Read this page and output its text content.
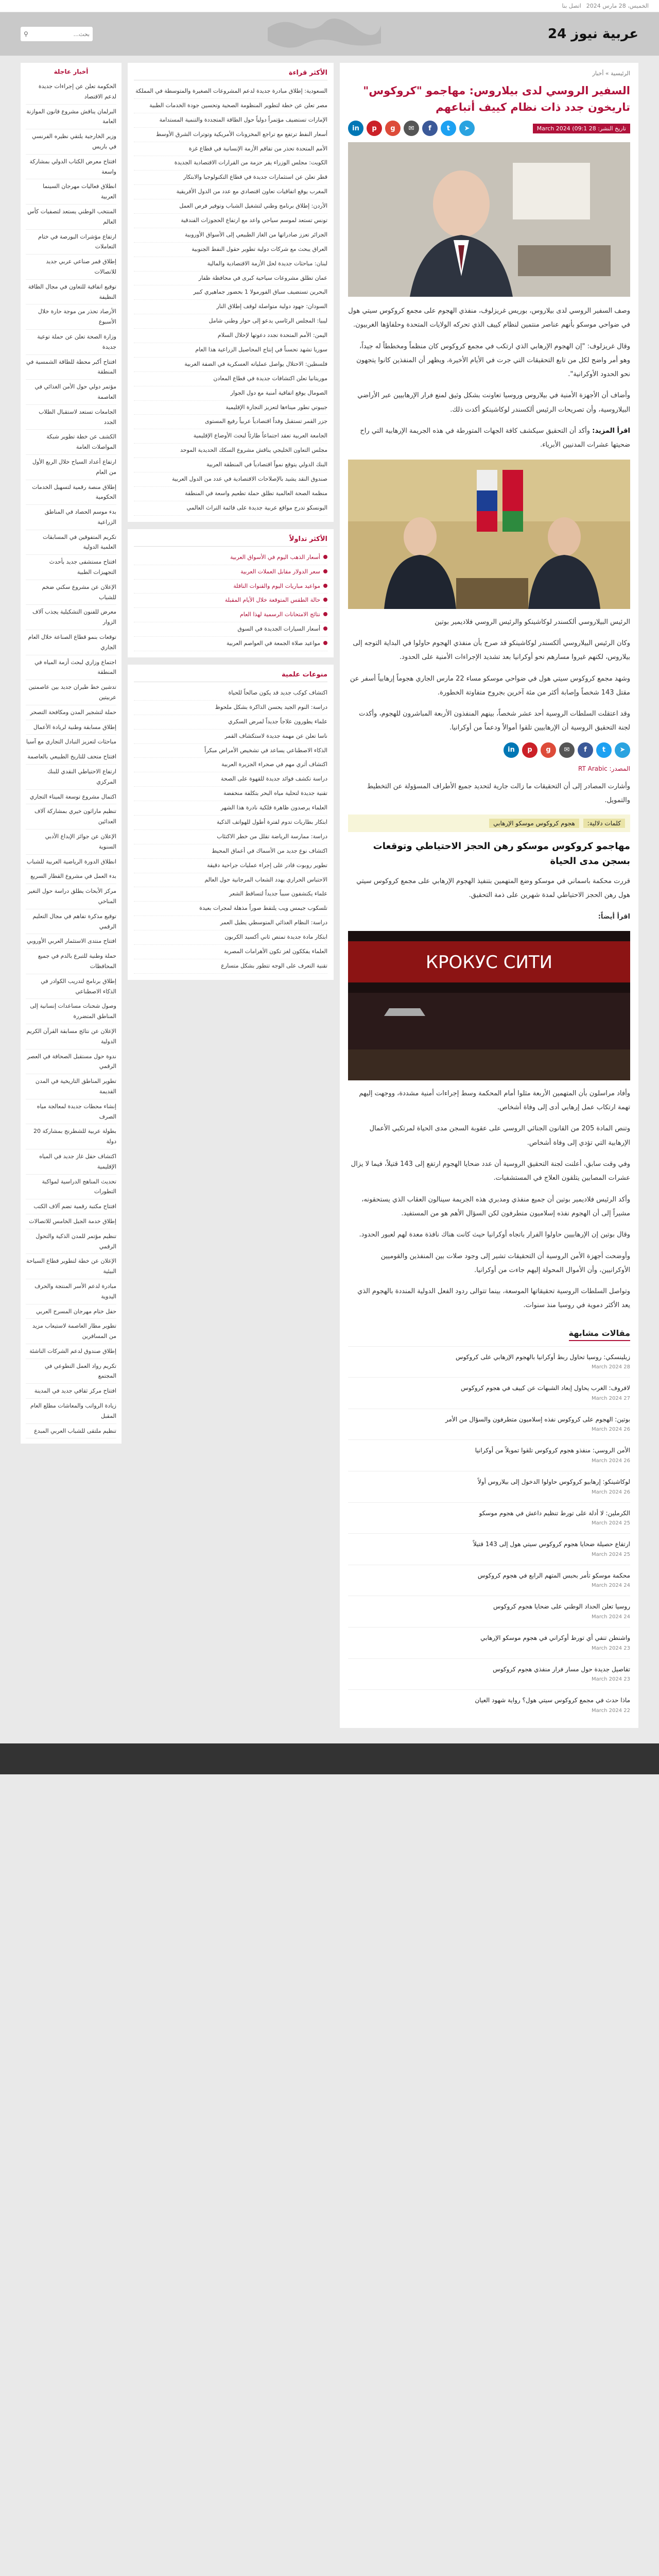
الخميس، 28 مارس 2024
اتصل بنا
عربية نيوز 24
بحث...
⚲
الرئيسية » أخبار
السفير الروسي لدى بيلاروس: مهاجمو "كروكوس" تاريخون جدد ذات نظام كييف أتباعهم
تاريخ النشر: 28 March 2024 (09:1
➤
t
f
✉
g
p
in

وصف السفير الروسي لدى بيلاروس، بوريس غريزلوف، منفذي الهجوم على مجمع كروكوس سيتي هول في ضواحي موسكو بأنهم عناصر منتمين لنظام كييف الذي تحركه الولايات المتحدة وحلفاؤها الغربيون.

وقال غريزلوف: "إن الهجوم الإرهابي الذي ارتكب في مجمع كروكوس كان منظماً ومخططاً له جيداً، وهو أمر واضح لكل من تابع التحقيقات التي جرت في الأيام الأخيرة، ويظهر أن المنفذين كانوا يتجهون نحو الحدود الأوكرانية".

وأضاف أن الأجهزة الأمنية في بيلاروس وروسيا تعاونت بشكل وثيق لمنع فرار الإرهابيين عبر الأراضي البيلاروسية، وأن تصريحات الرئيس ألكسندر لوكاشينكو أكدت ذلك.

اقرأ المزيد: وأكد أن التحقيق سيكشف كافة الجهات المتورطة في هذه الجريمة الإرهابية التي راح ضحيتها عشرات المدنيين الأبرياء.

الرئيس البيلاروسي ألكسندر لوكاشينكو والرئيس الروسي فلاديمير بوتين

وكان الرئيس البيلاروسي ألكسندر لوكاشينكو قد صرح بأن منفذي الهجوم حاولوا في البداية التوجه إلى بيلاروس، لكنهم غيروا مسارهم نحو أوكرانيا بعد تشديد الإجراءات الأمنية على الحدود.

وشهد مجمع كروكوس سيتي هول في ضواحي موسكو مساء 22 مارس الجاري هجوماً إرهابياً أسفر عن مقتل 143 شخصاً وإصابة أكثر من مئة آخرين بجروح متفاوتة الخطورة.

وقد اعتقلت السلطات الروسية أحد عشر شخصاً، بينهم المنفذون الأربعة المباشرون للهجوم، وأكدت لجنة التحقيق الروسية أن الإرهابيين تلقوا أموالاً ودعماً من أوكرانيا.

➤
t
f
✉
g
p
in
المصدر: RT Arabic

وأشارت المصادر إلى أن التحقيقات ما زالت جارية لتحديد جميع الأطراف المسؤولة عن التخطيط والتمويل.

كلمات دلالية: هجوم كروكوس موسكو الإرهابي
مهاجمو كروكوس موسكو رهن الحجز الاحتياطي وتوقعات بسجن مدى الحياة

قررت محكمة باسماني في موسكو وضع المتهمين بتنفيذ الهجوم الإرهابي على مجمع كروكوس سيتي هول رهن الحجز الاحتياطي لمدة شهرين على ذمة التحقيق.

اقرأ أيضاً:

КРОКУС СИТИ

وأفاد مراسلون بأن المتهمين الأربعة مثلوا أمام المحكمة وسط إجراءات أمنية مشددة، ووجهت إليهم تهمة ارتكاب عمل إرهابي أدى إلى وفاة أشخاص.

وتنص المادة 205 من القانون الجنائي الروسي على عقوبة السجن مدى الحياة لمرتكبي الأعمال الإرهابية التي تؤدي إلى وفاة أشخاص.

وفي وقت سابق، أعلنت لجنة التحقيق الروسية أن عدد ضحايا الهجوم ارتفع إلى 143 قتيلاً، فيما لا يزال عشرات المصابين يتلقون العلاج في المستشفيات.

وأكد الرئيس فلاديمير بوتين أن جميع منفذي ومدبري هذه الجريمة سينالون العقاب الذي يستحقونه، مشيراً إلى أن الهجوم نفذه إسلاميون متطرفون لكن السؤال الأهم هو من المستفيد.

وقال بوتين إن الإرهابيين حاولوا الفرار باتجاه أوكرانيا حيث كانت هناك نافذة معدة لهم لعبور الحدود.

وأوضحت أجهزة الأمن الروسية أن التحقيقات تشير إلى وجود صلات بين المنفذين والقوميين الأوكرانيين، وأن الأموال المحولة إليهم جاءت من أوكرانيا.

وتواصل السلطات الروسية تحقيقاتها الموسعة، بينما تتوالى ردود الفعل الدولية المنددة بالهجوم الذي يعد الأكثر دموية في روسيا منذ سنوات.

مقالات مشابهة
زيلينسكي: روسيا تحاول ربط أوكرانيا بالهجوم الإرهابي على كروكوس
28 March 2024
لافروف: الغرب يحاول إبعاد الشبهات عن كييف في هجوم كروكوس
27 March 2024
بوتين: الهجوم على كروكوس نفذه إسلاميون متطرفون والسؤال من الأمر
26 March 2024
الأمن الروسي: منفذو هجوم كروكوس تلقوا تمويلاً من أوكرانيا
26 March 2024
لوكاشينكو: إرهابيو كروكوس حاولوا الدخول إلى بيلاروس أولاً
26 March 2024
الكرملين: لا أدلة على تورط تنظيم داعش في هجوم موسكو
25 March 2024
ارتفاع حصيلة ضحايا هجوم كروكوس سيتي هول إلى 143 قتيلاً
25 March 2024
محكمة موسكو تأمر بحبس المتهم الرابع في هجوم كروكوس
24 March 2024
روسيا تعلن الحداد الوطني على ضحايا هجوم كروكوس
24 March 2024
واشنطن تنفي أي تورط أوكراني في هجوم موسكو الإرهابي
23 March 2024
تفاصيل جديدة حول مسار فرار منفذي هجوم كروكوس
23 March 2024
ماذا حدث في مجمع كروكوس سيتي هول؟ رواية شهود العيان
22 March 2024
الأكثر قراءة
السعودية: إطلاق مبادرة جديدة لدعم المشروعات الصغيرة والمتوسطة في المملكة
مصر تعلن عن خطة لتطوير المنظومة الصحية وتحسين جودة الخدمات الطبية
الإمارات تستضيف مؤتمراً دولياً حول الطاقة المتجددة والتنمية المستدامة
أسعار النفط ترتفع مع تراجع المخزونات الأمريكية وتوترات الشرق الأوسط
الأمم المتحدة تحذر من تفاقم الأزمة الإنسانية في قطاع غزة
الكويت: مجلس الوزراء يقر حزمة من القرارات الاقتصادية الجديدة
قطر تعلن عن استثمارات جديدة في قطاع التكنولوجيا والابتكار
المغرب يوقع اتفاقيات تعاون اقتصادي مع عدد من الدول الأفريقية
الأردن: إطلاق برنامج وطني لتشغيل الشباب وتوفير فرص العمل
تونس تستعد لموسم سياحي واعد مع ارتفاع الحجوزات الفندقية
الجزائر تعزز صادراتها من الغاز الطبيعي إلى الأسواق الأوروبية
العراق يبحث مع شركات دولية تطوير حقول النفط الجنوبية
لبنان: مباحثات جديدة لحل الأزمة الاقتصادية والمالية
عمان تطلق مشروعات سياحية كبرى في محافظة ظفار
البحرين تستضيف سباق الفورمولا 1 بحضور جماهيري كبير
السودان: جهود دولية متواصلة لوقف إطلاق النار
ليبيا: المجلس الرئاسي يدعو إلى حوار وطني شامل
اليمن: الأمم المتحدة تجدد دعوتها لإحلال السلام
سوريا تشهد تحسناً في إنتاج المحاصيل الزراعية هذا العام
فلسطين: الاحتلال يواصل عملياته العسكرية في الضفة الغربية
موريتانيا تعلن اكتشافات جديدة في قطاع المعادن
الصومال يوقع اتفاقية أمنية مع دول الجوار
جيبوتي تطور ميناءها لتعزيز التجارة الإقليمية
جزر القمر تستقبل وفداً اقتصادياً عربياً رفيع المستوى
الجامعة العربية تعقد اجتماعاً طارئاً لبحث الأوضاع الإقليمية
مجلس التعاون الخليجي يناقش مشروع السكك الحديدية الموحد
البنك الدولي يتوقع نمواً اقتصادياً في المنطقة العربية
صندوق النقد يشيد بالإصلاحات الاقتصادية في عدد من الدول العربية
منظمة الصحة العالمية تطلق حملة تطعيم واسعة في المنطقة
اليونسكو تدرج مواقع عربية جديدة على قائمة التراث العالمي
الأكثر تداولاً
أسعار الذهب اليوم في الأسواق العربية
سعر الدولار مقابل العملات العربية
مواعيد مباريات اليوم والقنوات الناقلة
حالة الطقس المتوقعة خلال الأيام المقبلة
نتائج الامتحانات الرسمية لهذا العام
أسعار السيارات الجديدة في السوق
مواعيد صلاة الجمعة في العواصم العربية
منوعات علمية
اكتشاف كوكب جديد قد يكون صالحاً للحياة
دراسة: النوم الجيد يحسن الذاكرة بشكل ملحوظ
علماء يطورون علاجاً جديداً لمرض السكري
ناسا تعلن عن مهمة جديدة لاستكشاف القمر
الذكاء الاصطناعي يساعد في تشخيص الأمراض مبكراً
اكتشاف أثري مهم في صحراء الجزيرة العربية
دراسة تكشف فوائد جديدة للقهوة على الصحة
تقنية جديدة لتحلية مياه البحر بتكلفة منخفضة
العلماء يرصدون ظاهرة فلكية نادرة هذا الشهر
ابتكار بطاريات تدوم لفترة أطول للهواتف الذكية
دراسة: ممارسة الرياضة تقلل من خطر الاكتئاب
اكتشاف نوع جديد من الأسماك في أعماق المحيط
تطوير روبوت قادر على إجراء عمليات جراحية دقيقة
الاحتباس الحراري يهدد الشعاب المرجانية حول العالم
علماء يكتشفون سبباً جديداً لتساقط الشعر
تلسكوب جيمس ويب يلتقط صوراً مذهلة لمجرات بعيدة
دراسة: النظام الغذائي المتوسطي يطيل العمر
ابتكار مادة جديدة تمتص ثاني أكسيد الكربون
العلماء يفككون لغز تكون الأهرامات المصرية
تقنية التعرف على الوجه تتطور بشكل متسارع
أخبار عاجلة
الحكومة تعلن عن إجراءات جديدة لدعم الاقتصاد
البرلمان يناقش مشروع قانون الموازنة العامة
وزير الخارجية يلتقي نظيره الفرنسي في باريس
افتتاح معرض الكتاب الدولي بمشاركة واسعة
انطلاق فعاليات مهرجان السينما العربية
المنتخب الوطني يستعد لتصفيات كأس العالم
ارتفاع مؤشرات البورصة في ختام التعاملات
إطلاق قمر صناعي عربي جديد للاتصالات
توقيع اتفاقية للتعاون في مجال الطاقة النظيفة
الأرصاد تحذر من موجة حارة خلال الأسبوع
وزارة الصحة تعلن عن حملة توعية جديدة
افتتاح أكبر محطة للطاقة الشمسية في المنطقة
مؤتمر دولي حول الأمن الغذائي في العاصمة
الجامعات تستعد لاستقبال الطلاب الجدد
الكشف عن خطة تطوير شبكة المواصلات العامة
ارتفاع أعداد السياح خلال الربع الأول من العام
إطلاق منصة رقمية لتسهيل الخدمات الحكومية
بدء موسم الحصاد في المناطق الزراعية
تكريم المتفوقين في المسابقات العلمية الدولية
افتتاح مستشفى جديد بأحدث التجهيزات الطبية
الإعلان عن مشروع سكني ضخم للشباب
معرض للفنون التشكيلية يجذب آلاف الزوار
توقعات بنمو قطاع الصناعة خلال العام الجاري
اجتماع وزاري لبحث أزمة المياه في المنطقة
تدشين خط طيران جديد بين عاصمتين عربيتين
حملة لتشجير المدن ومكافحة التصحر
إطلاق مسابقة وطنية لريادة الأعمال
مباحثات لتعزيز التبادل التجاري مع آسيا
افتتاح متحف للتاريخ الطبيعي بالعاصمة
ارتفاع الاحتياطي النقدي للبنك المركزي
اكتمال مشروع توسعة الميناء التجاري
تنظيم ماراثون خيري بمشاركة آلاف العدائين
الإعلان عن جوائز الإبداع الأدبي السنوية
انطلاق الدورة الرياضية العربية للشباب
بدء العمل في مشروع القطار السريع
مركز الأبحاث يطلق دراسة حول التغير المناخي
توقيع مذكرة تفاهم في مجال التعليم الرقمي
افتتاح منتدى الاستثمار العربي الأوروبي
حملة وطنية للتبرع بالدم في جميع المحافظات
إطلاق برنامج لتدريب الكوادر في الذكاء الاصطناعي
وصول شحنات مساعدات إنسانية إلى المناطق المتضررة
الإعلان عن نتائج مسابقة القرآن الكريم الدولية
ندوة حول مستقبل الصحافة في العصر الرقمي
تطوير المناطق التاريخية في المدن القديمة
إنشاء محطات جديدة لمعالجة مياه الصرف
بطولة عربية للشطرنج بمشاركة 20 دولة
اكتشاف حقل غاز جديد في المياه الإقليمية
تحديث المناهج الدراسية لمواكبة التطورات
افتتاح مكتبة رقمية تضم آلاف الكتب
إطلاق خدمة الجيل الخامس للاتصالات
تنظيم مؤتمر للمدن الذكية والتحول الرقمي
الإعلان عن خطة لتطوير قطاع السياحة البيئية
مبادرة لدعم الأسر المنتجة والحرف اليدوية
حفل ختام مهرجان المسرح العربي
تطوير مطار العاصمة لاستيعاب مزيد من المسافرين
إطلاق صندوق لدعم الشركات الناشئة
تكريم رواد العمل التطوعي في المجتمع
افتتاح مركز ثقافي جديد في المدينة
زيادة الرواتب والمعاشات مطلع العام المقبل
تنظيم ملتقى للشباب العربي المبدع
